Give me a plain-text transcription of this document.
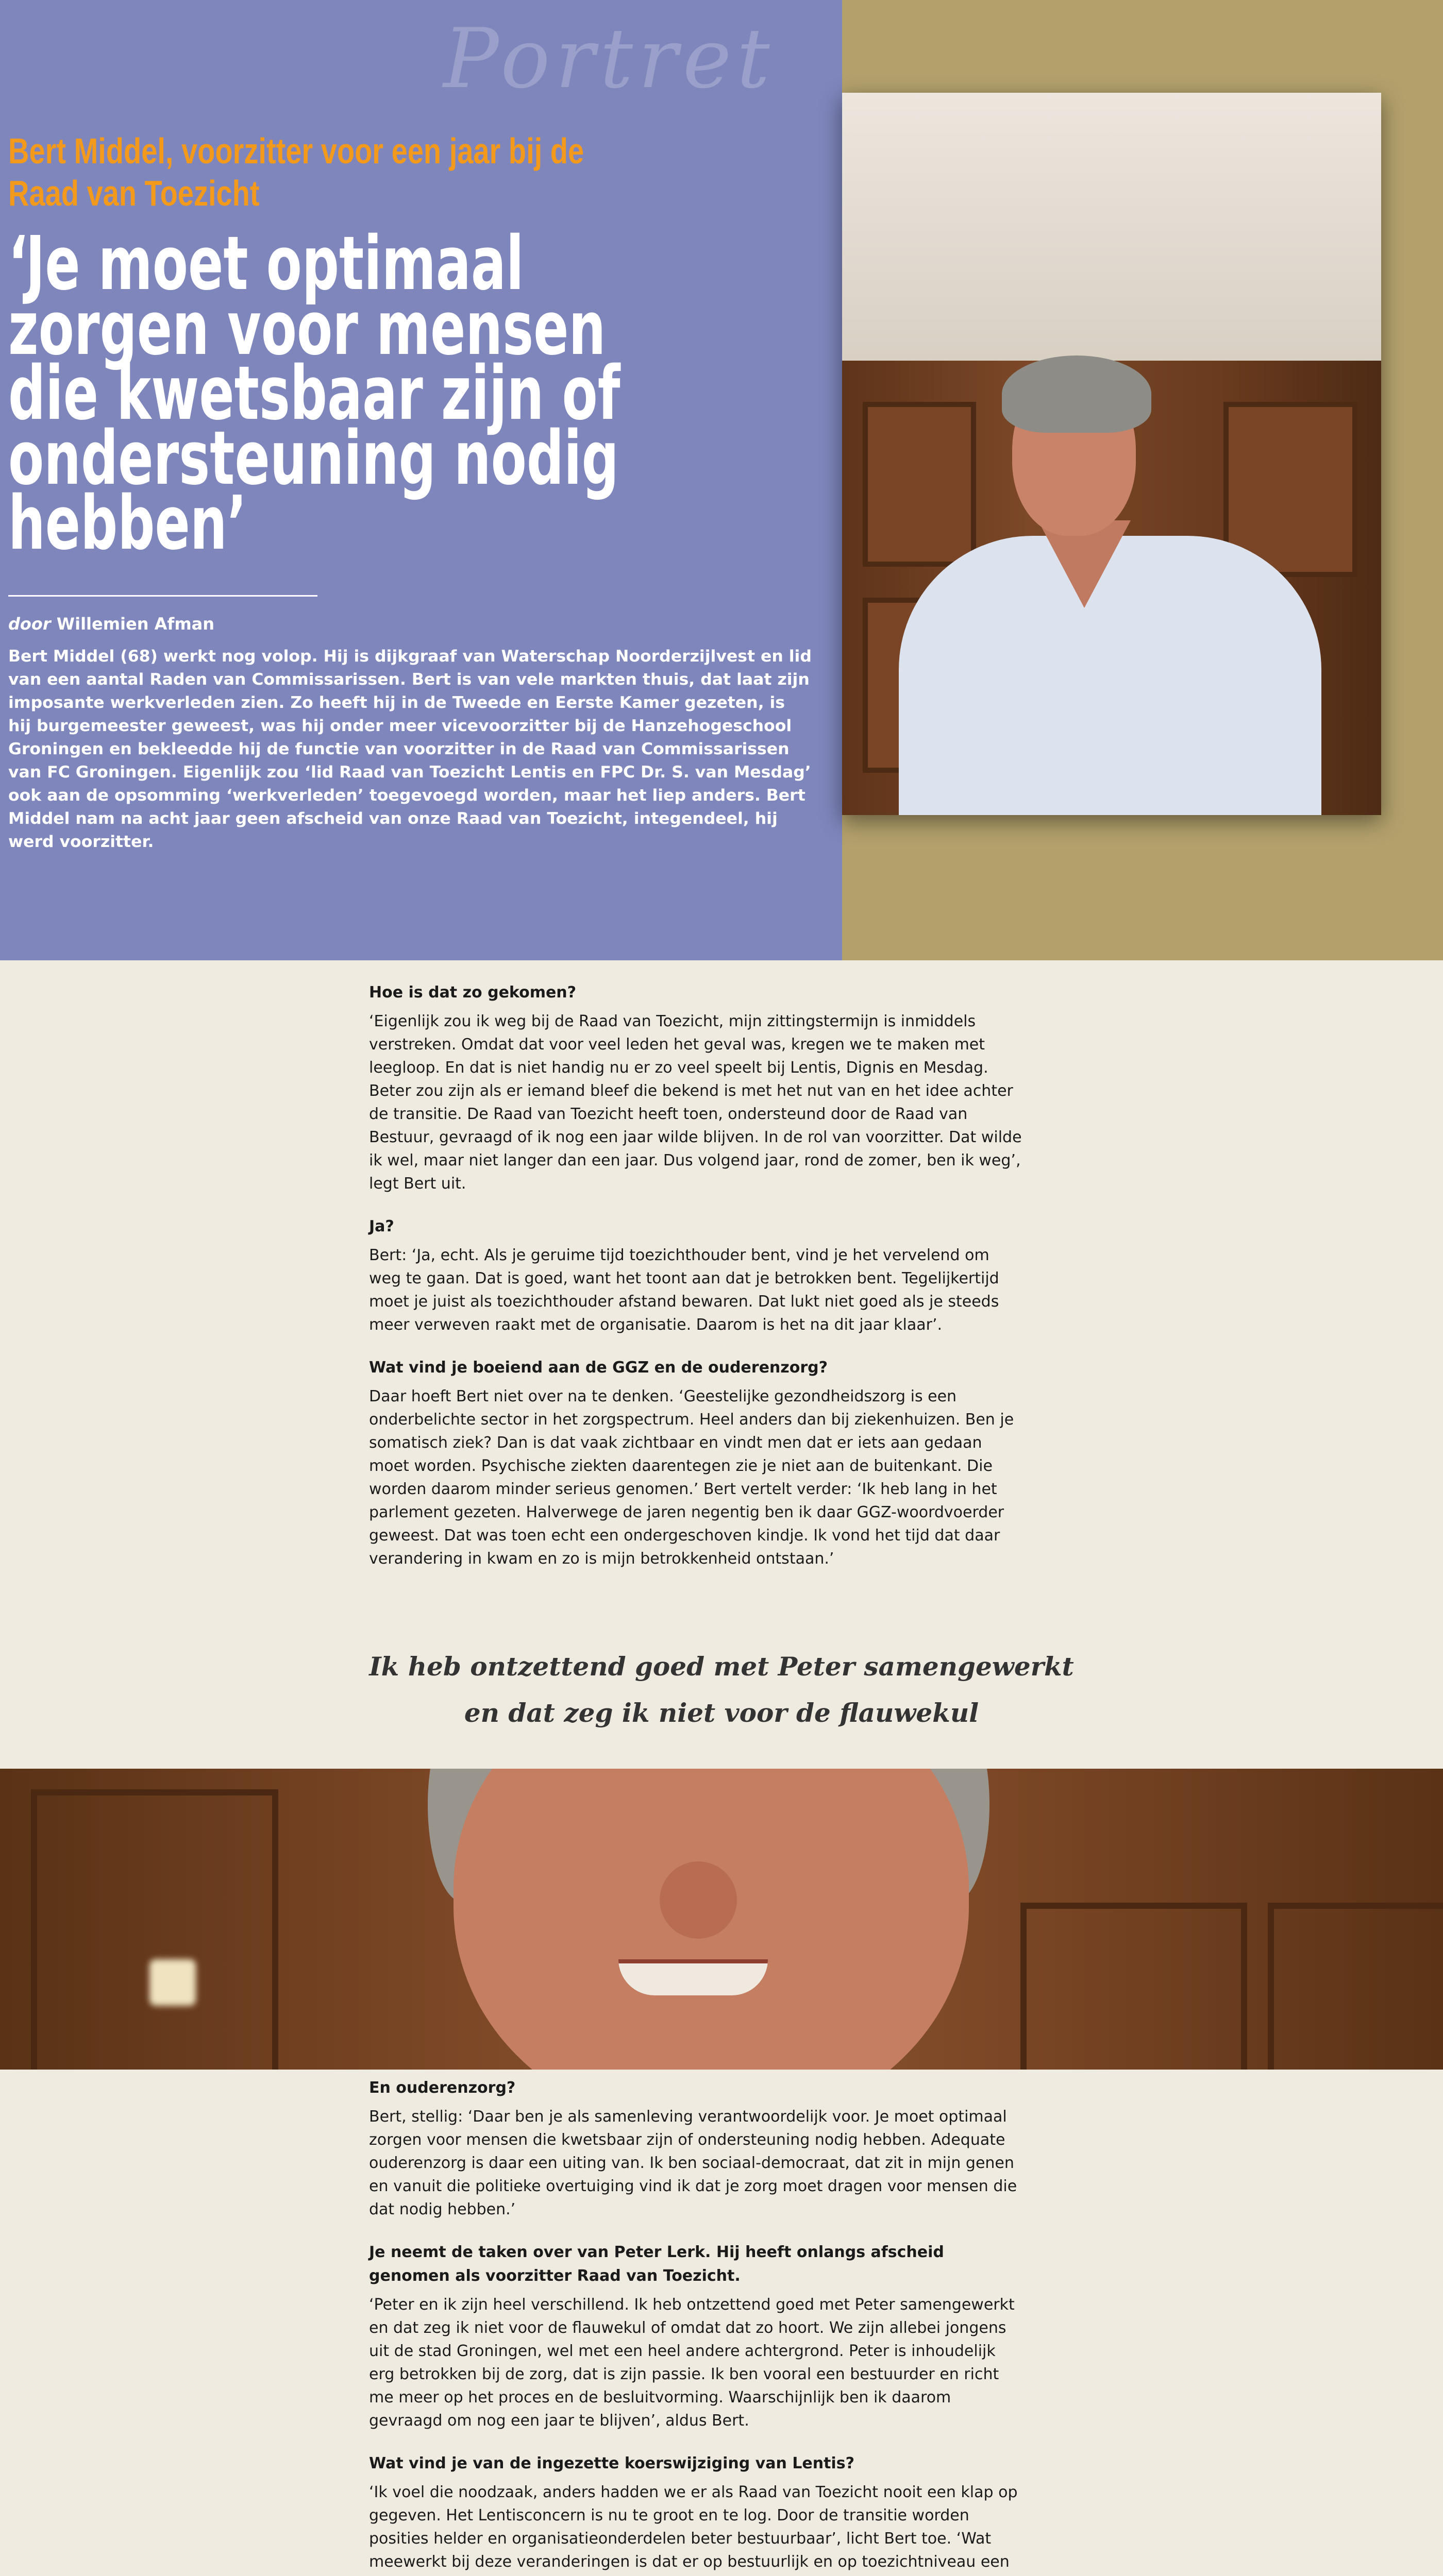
Portret
Bert Middel, voorzitter voor een jaar bij de Raad van Toezicht
‘Je moet optimaal zorgen voor mensen die kwetsbaar zijn of ondersteuning nodig hebben’
door Willemien Afman

Bert Middel (68) werkt nog volop. Hij is dijkgraaf van Waterschap Noorderzijlvest en lid van een aantal Raden van Commissarissen. Bert is van vele markten thuis, dat laat zijn imposante werkverleden zien. Zo heeft hij in de Tweede en Eerste Kamer gezeten, is hij burgemeester geweest, was hij onder meer vicevoorzitter bij de Hanzehogeschool Groningen en bekleedde hij de functie van voorzitter in de Raad van Commissarissen van FC Groningen. Eigenlijk zou ‘lid Raad van Toezicht Lentis en FPC Dr. S. van Mesdag’ ook aan de opsomming ‘werkverleden’ toegevoegd worden, maar het liep anders. Bert Middel nam na acht jaar geen afscheid van onze Raad van Toezicht, integendeel, hij werd voorzitter.

Hoe is dat zo gekomen?

‘Eigenlijk zou ik weg bij de Raad van Toezicht, mijn zittingstermijn is inmiddels verstreken. Omdat dat voor veel leden het geval was, kregen we te maken met leegloop. En dat is niet handig nu er zo veel speelt bij Lentis, Dignis en Mesdag. Beter zou zijn als er iemand bleef die bekend is met het nut van en het idee achter de transitie. De Raad van Toezicht heeft toen, ondersteund door de Raad van Bestuur, gevraagd of ik nog een jaar wilde blijven. In de rol van voorzitter. Dat wilde ik wel, maar niet langer dan een jaar. Dus volgend jaar, rond de zomer, ben ik weg’, legt Bert uit.

Ja?

Bert: ‘Ja, echt. Als je geruime tijd toezichthouder bent, vind je het vervelend om weg te gaan. Dat is goed, want het toont aan dat je betrokken bent. Tegelijkertijd moet je juist als toezichthouder afstand bewaren. Dat lukt niet goed als je steeds meer verweven raakt met de organisatie. Daarom is het na dit jaar klaar’.

Wat vind je boeiend aan de GGZ en de ouderenzorg?

Daar hoeft Bert niet over na te denken. ‘Geestelijke gezondheidszorg is een onderbelichte sector in het zorgspectrum. Heel anders dan bij ziekenhuizen. Ben je somatisch ziek? Dan is dat vaak zichtbaar en vindt men dat er iets aan gedaan moet worden. Psychische ziekten daarentegen zie je niet aan de buitenkant. Die worden daarom minder serieus genomen.’ Bert vertelt verder: ‘Ik heb lang in het parlement gezeten. Halverwege de jaren negentig ben ik daar GGZ-woordvoerder geweest. Dat was toen echt een ondergeschoven kindje. Ik vond het tijd dat daar verandering in kwam en zo is mijn betrokkenheid ontstaan.’

Ik heb ontzettend goed met Peter samengewerkt
en dat zeg ik niet voor de flauwekul
En ouderenzorg?

Bert, stellig: ‘Daar ben je als samenleving verantwoordelijk voor. Je moet optimaal zorgen voor mensen die kwetsbaar zijn of ondersteuning nodig hebben. Adequate ouderenzorg is daar een uiting van. Ik ben sociaal-democraat, dat zit in mijn genen en vanuit die politieke overtuiging vind ik dat je zorg moet dragen voor mensen die dat nodig hebben.’

Je neemt de taken over van Peter Lerk. Hij heeft onlangs afscheid genomen als voorzitter Raad van Toezicht.

‘Peter en ik zijn heel verschillend. Ik heb ontzettend goed met Peter samengewerkt en dat zeg ik niet voor de flauwekul of omdat dat zo hoort. We zijn allebei jongens uit de stad Groningen, wel met een heel andere achtergrond. Peter is inhoudelijk erg betrokken bij de zorg, dat is zijn passie. Ik ben vooral een bestuurder en richt me meer op het proces en de besluitvorming. Waarschijnlijk ben ik daarom gevraagd om nog een jaar te blijven’, aldus Bert.

Wat vind je van de ingezette koerswijziging van Lentis?

‘Ik voel die noodzaak, anders hadden we er als Raad van Toezicht nooit een klap op gegeven. Het Lentisconcern is nu te groot en te log. Door de transitie worden posities helder en organisatieonderdelen beter bestuurbaar’, licht Bert toe. ‘Wat meewerkt bij deze veranderingen is dat er op bestuurlijk en op toezichtniveau een
